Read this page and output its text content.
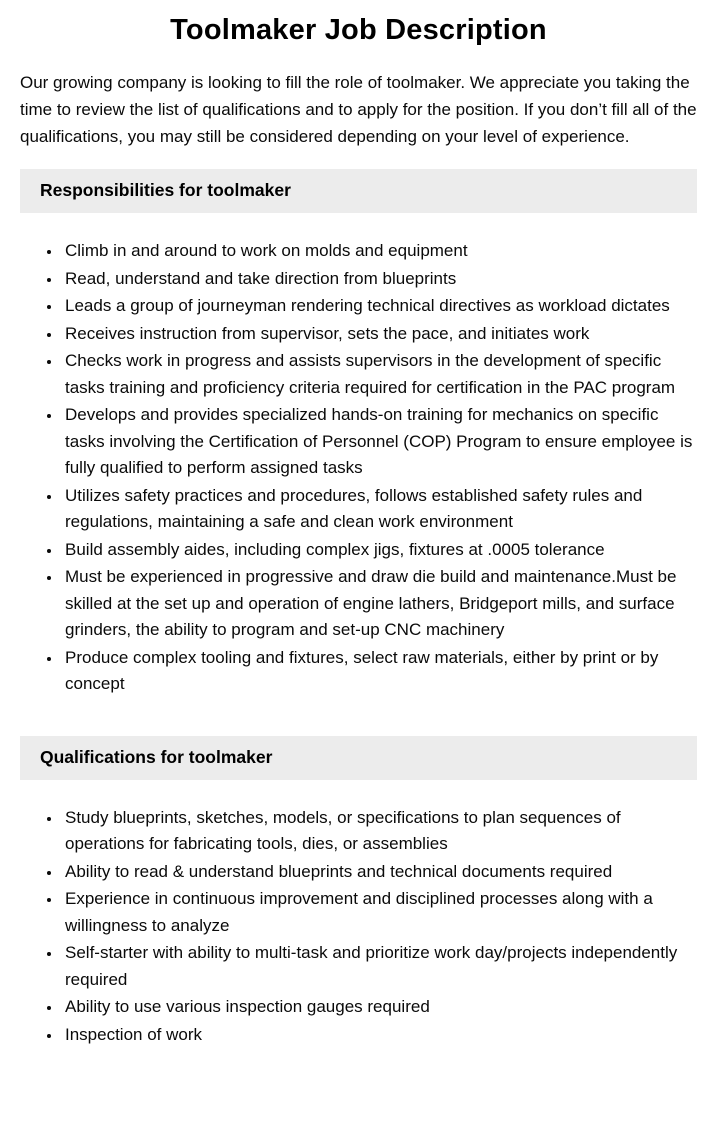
Toolmaker Job Description

Our growing company is looking to fill the role of toolmaker. We appreciate you taking the time to review the list of qualifications and to apply for the position. If you don’t fill all of the qualifications, you may still be considered depending on your level of experience.

Responsibilities for toolmaker
• Climb in and around to work on molds and equipment
• Read, understand and take direction from blueprints
• Leads a group of journeyman rendering technical directives as workload dictates
• Receives instruction from supervisor, sets the pace, and initiates work
• Checks work in progress and assists supervisors in the development of specific tasks training and proficiency criteria required for certification in the PAC program
• Develops and provides specialized hands-on training for mechanics on specific tasks involving the Certification of Personnel (COP) Program to ensure employee is fully qualified to perform assigned tasks
• Utilizes safety practices and procedures, follows established safety rules and regulations, maintaining a safe and clean work environment
• Build assembly aides, including complex jigs, fixtures at .0005 tolerance
• Must be experienced in progressive and draw die build and maintenance.Must be skilled at the set up and operation of engine lathers, Bridgeport mills, and surface grinders, the ability to program and set-up CNC machinery
• Produce complex tooling and fixtures, select raw materials, either by print or by concept
Qualifications for toolmaker
• Study blueprints, sketches, models, or specifications to plan sequences of operations for fabricating tools, dies, or assemblies
• Ability to read & understand blueprints and technical documents required
• Experience in continuous improvement and disciplined processes along with a willingness to analyze
• Self-starter with ability to multi-task and prioritize work day/projects independently required
• Ability to use various inspection gauges required
• Inspection of work
